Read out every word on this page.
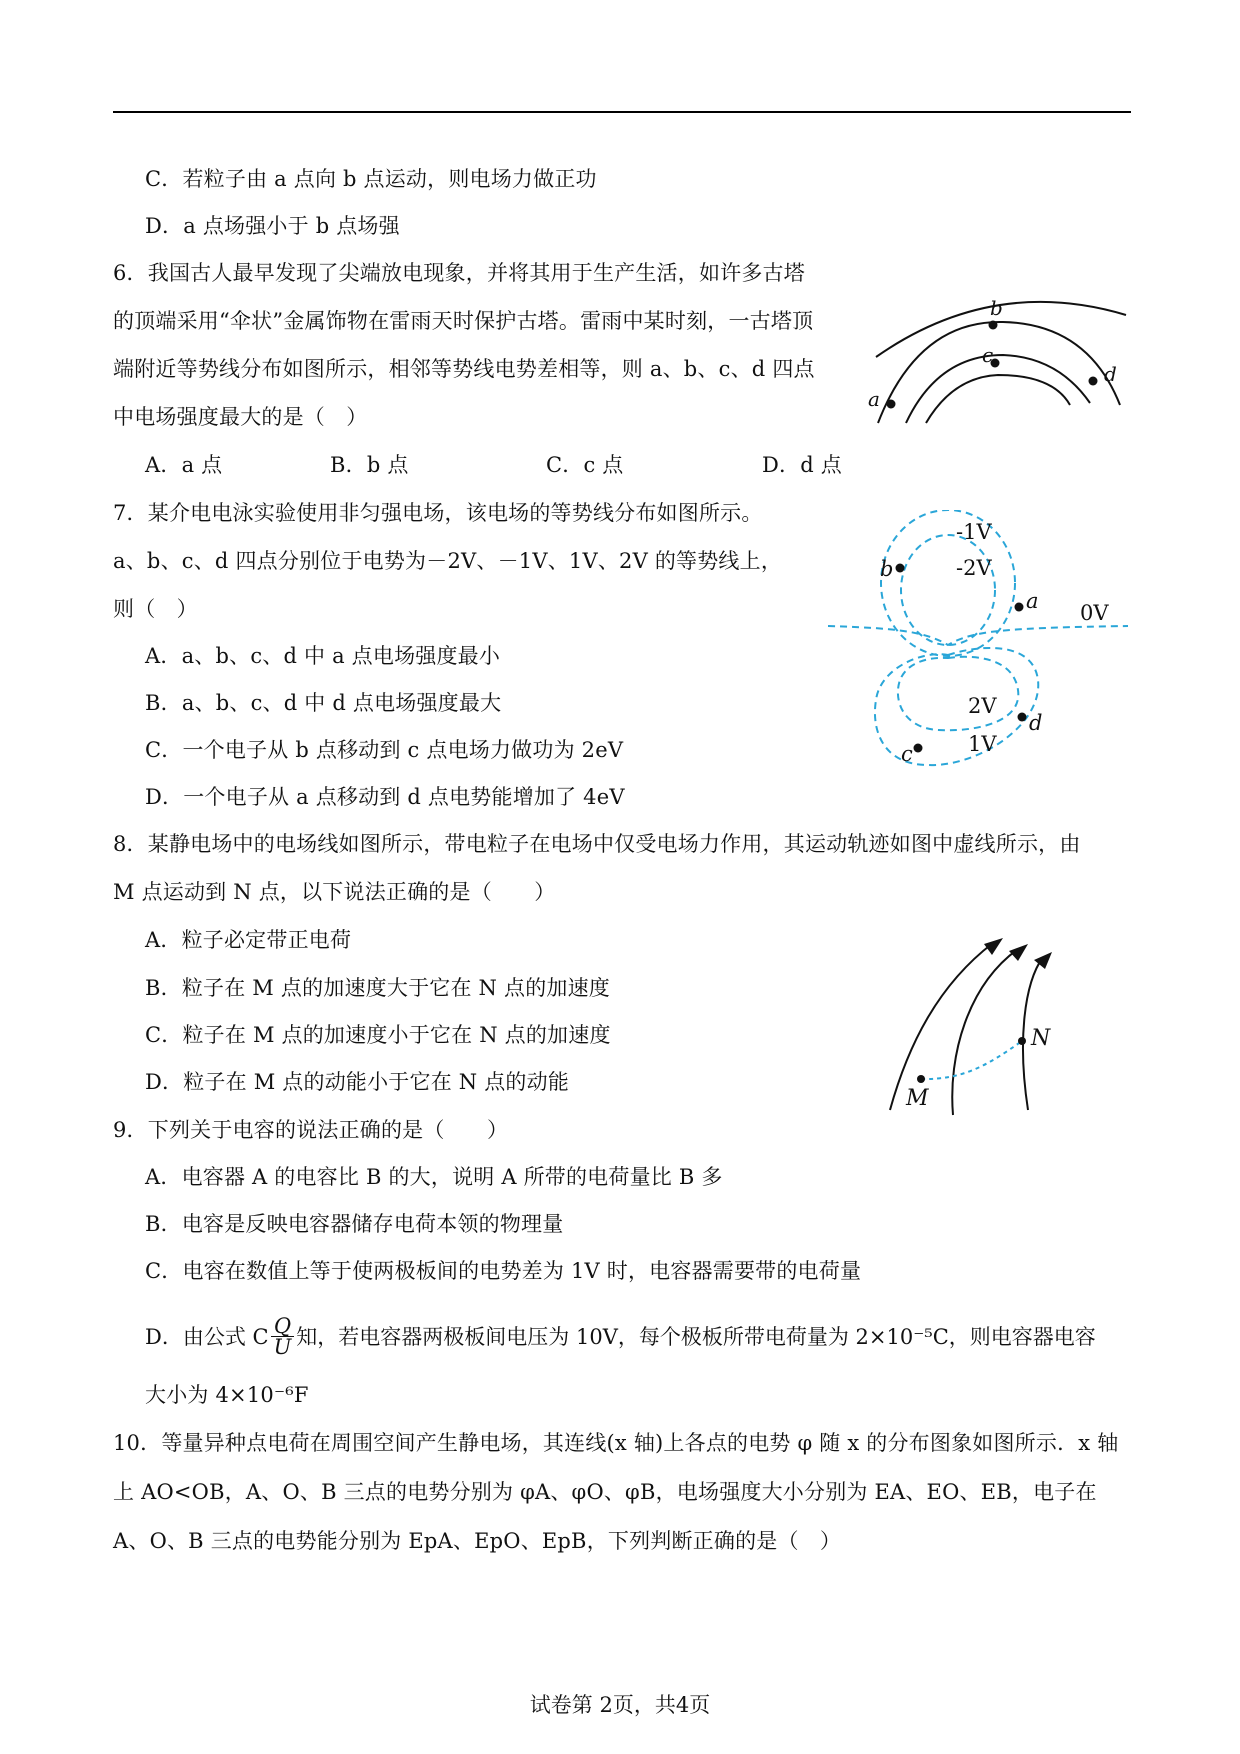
C．若粒子由 a 点向 b 点运动，则电场力做正功
D．a 点场强小于 b 点场强
6．我国古人最早发现了尖端放电现象，并将其用于生产生活，如许多古塔
的顶端采用“伞状”金属饰物在雷雨天时保护古塔。雷雨中某时刻，一古塔顶
端附近等势线分布如图所示，相邻等势线电势差相等，则 a、b、c、d 四点
中电场强度最大的是（　）
A．a 点	B．b 点	C．c 点	D．d 点
7．某介电电泳实验使用非匀强电场，该电场的等势线分布如图所示。
a、b、c、d 四点分别位于电势为－2V、－1V、1V、2V 的等势线上，
则（　）
A．a、b、c、d 中 a 点电场强度最小
B．a、b、c、d 中 d 点电场强度最大
C．一个电子从 b 点移动到 c 点电场力做功为 2eV
D．一个电子从 a 点移动到 d 点电势能增加了 4eV
8．某静电场中的电场线如图所示，带电粒子在电场中仅受电场力作用，其运动轨迹如图中虚线所示，由
M 点运动到 N 点，以下说法正确的是（　　）
A．粒子必定带正电荷
B．粒子在 M 点的加速度大于它在 N 点的加速度
C．粒子在 M 点的加速度小于它在 N 点的加速度
D．粒子在 M 点的动能小于它在 N 点的动能
9．下列关于电容的说法正确的是（　　）
A．电容器 A 的电容比 B 的大，说明 A 所带的电荷量比 B 多
B．电容是反映电容器储存电荷本领的物理量
C．电容在数值上等于使两极板间的电势差为 1V 时，电容器需要带的电荷量
D．由公式 C $\frac{Q}{U}$ 知，若电容器两极板间电压为 10V，每个极板所带电荷量为 2×10⁻⁵C，则电容器电容
大小为 4×10⁻⁶F
10．等量异种点电荷在周围空间产生静电场，其连线(x 轴)上各点的电势 φ 随 x 的分布图象如图所示．x 轴
上 AO<OB，A、O、B 三点的电势分别为 φA、φO、φB，电场强度大小分别为 EA、EO、EB，电子在
A、O、B 三点的电势能分别为 EpA、EpO、EpB，下列判断正确的是（　）
a
b
c
d
-1V
-2V
0V
2V
1V
b
a
d
c
M
N
试卷第 2页，共4页
